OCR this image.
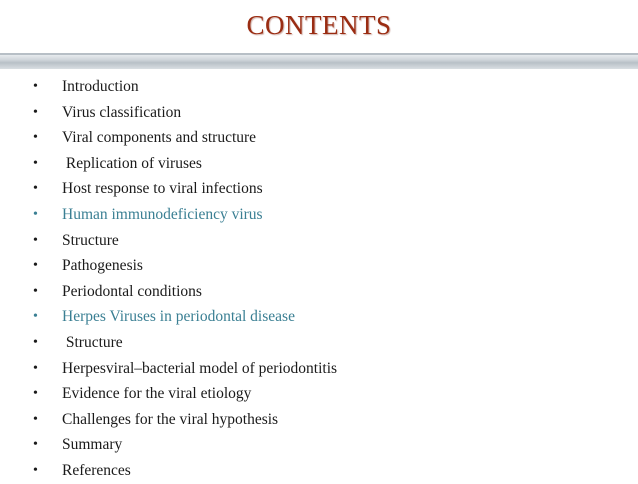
CONTENTS
• Introduction
• Virus classification
• Viral components and structure
• Replication of viruses
• Host response to viral infections
• Human immunodeficiency virus
• Structure
• Pathogenesis
• Periodontal conditions
• Herpes Viruses in periodontal disease
• Structure
• Herpesviral–bacterial model of periodontitis
• Evidence for the viral etiology
• Challenges for the viral hypothesis
• Summary
• References
